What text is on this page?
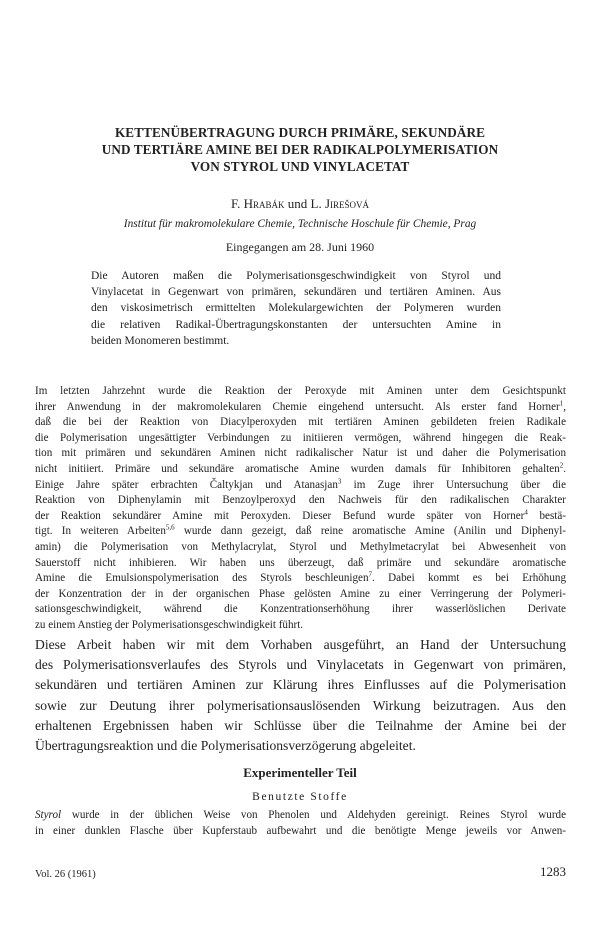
KETTENÜBERTRAGUNG DURCH PRIMÄRE, SEKUNDÄRE
UND TERTIÄRE AMINE BEI DER RADIKALPOLYMERISATION
VON STYROL UND VINYLACETAT
F. Hrabák und L. Jirešová
Institut für makromolekulare Chemie, Technische Hoschule für Chemie, Prag
Eingegangen am 28. Juni 1960
Die Autoren maßen die Polymerisationsgeschwindigkeit von Styrol und
Vinylacetat in Gegenwart von primären, sekundären und tertiären Aminen. Aus
den viskosimetrisch ermittelten Molekulargewichten der Polymeren wurden
die relativen Radikal-Übertragungskonstanten der untersuchten Amine in
beiden Monomeren bestimmt.
Im letzten Jahrzehnt wurde die Reaktion der Peroxyde mit Aminen unter dem Gesichtspunkt
ihrer Anwendung in der makromolekularen Chemie eingehend untersucht. Als erster fand Horner$^1$,
daß die bei der Reaktion von Diacylperoxyden mit tertiären Aminen gebildeten freien Radikale
die Polymerisation ungesättigter Verbindungen zu initiieren vermögen, während hingegen die Reak-
tion mit primären und sekundären Aminen nicht radikalischer Natur ist und daher die Polymerisation
nicht initiiert. Primäre und sekundäre aromatische Amine wurden damals für Inhibitoren gehalten$^2$.
Einige Jahre später erbrachten Čaltykjan und Atanasjan$^3$ im Zuge ihrer Untersuchung über die
Reaktion von Diphenylamin mit Benzoylperoxyd den Nachweis für den radikalischen Charakter
der Reaktion sekundärer Amine mit Peroxyden. Dieser Befund wurde später von Horner$^4$ bestä-
tigt. In weiteren Arbeiten$^{5,6}$ wurde dann gezeigt, daß reine aromatische Amine (Anilin und Diphenyl-
amin) die Polymerisation von Methylacrylat, Styrol und Methylmetacrylat bei Abwesenheit von
Sauerstoff nicht inhibieren. Wir haben uns überzeugt, daß primäre und sekundäre aromatische
Amine die Emulsionspolymerisation des Styrols beschleunigen$^7$. Dabei kommt es bei Erhöhung
der Konzentration der in der organischen Phase gelösten Amine zu einer Verringerung der Polymeri-
sationsgeschwindigkeit, während die Konzentrationserhöhung ihrer wasserlöslichen Derivate
zu einem Anstieg der Polymerisationsgeschwindigkeit führt.
Diese Arbeit haben wir mit dem Vorhaben ausgeführt, an Hand der Untersuchung
des Polymerisationsverlaufes des Styrols und Vinylacetats in Gegenwart von primären,
sekundären und tertiären Aminen zur Klärung ihres Einflusses auf die Polymerisation
sowie zur Deutung ihrer polymerisationsauslösenden Wirkung beizutragen. Aus den
erhaltenen Ergebnissen haben wir Schlüsse über die Teilnahme der Amine bei der
Übertragungsreaktion und die Polymerisationsverzögerung abgeleitet.
Experimenteller Teil
Benutzte Stoffe
Styrol wurde in der üblichen Weise von Phenolen und Aldehyden gereinigt. Reines Styrol wurde
in einer dunklen Flasche über Kupferstaub aufbewahrt und die benötigte Menge jeweils vor Anwen-
Vol. 26 (1961)	1283
